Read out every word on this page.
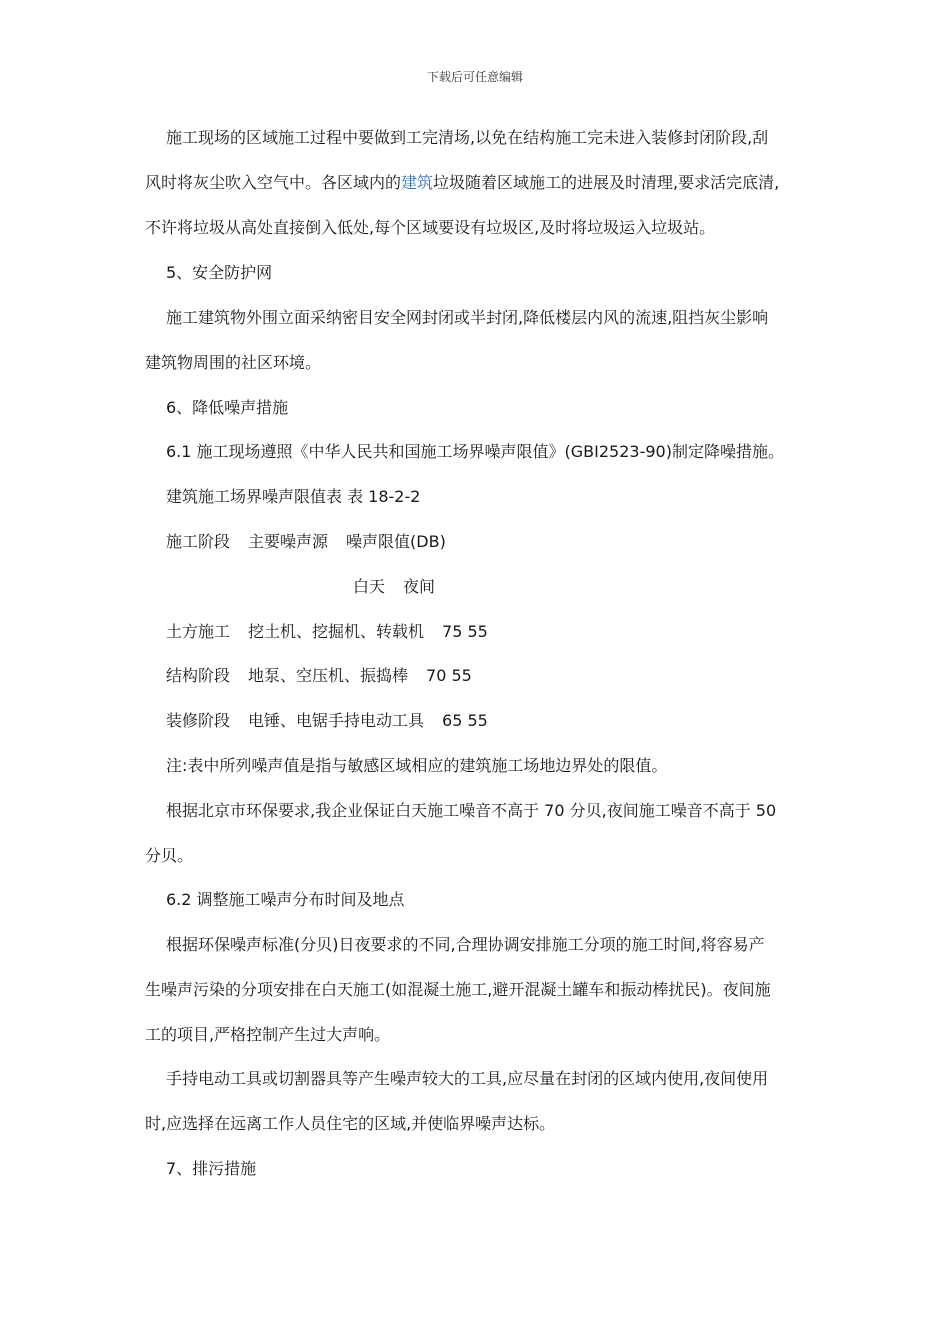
下载后可任意编辑
施工现场的区域施工过程中要做到工完清场,以免在结构施工完未进入装修封闭阶段,刮
风时将灰尘吹入空气中。各区域内的建筑垃圾随着区域施工的进展及时清理,要求活完底清,
不许将垃圾从高处直接倒入低处,每个区域要设有垃圾区,及时将垃圾运入垃圾站。
5、安全防护网
施工建筑物外围立面采纳密目安全网封闭或半封闭,降低楼层内风的流速,阻挡灰尘影响
建筑物周围的社区环境。
6、降低噪声措施
6.1 施工现场遵照《中华人民共和国施工场界噪声限值》(GBI2523-90)制定降噪措施。
建筑施工场界噪声限值表 表 18-2-2
施工阶段 主要噪声源 噪声限值(DB)
白天 夜间
土方施工 挖土机、挖掘机、转载机 75 55
结构阶段 地泵、空压机、振捣棒 70 55
装修阶段 电锤、电锯手持电动工具 65 55
注:表中所列噪声值是指与敏感区域相应的建筑施工场地边界处的限值。
根据北京市环保要求,我企业保证白天施工噪音不高于 70 分贝,夜间施工噪音不高于 50
分贝。
6.2 调整施工噪声分布时间及地点
根据环保噪声标准(分贝)日夜要求的不同,合理协调安排施工分项的施工时间,将容易产
生噪声污染的分项安排在白天施工(如混凝土施工,避开混凝土罐车和振动棒扰民)。夜间施
工的项目,严格控制产生过大声响。
手持电动工具或切割器具等产生噪声较大的工具,应尽量在封闭的区域内使用,夜间使用
时,应选择在远离工作人员住宅的区域,并使临界噪声达标。
7、排污措施
